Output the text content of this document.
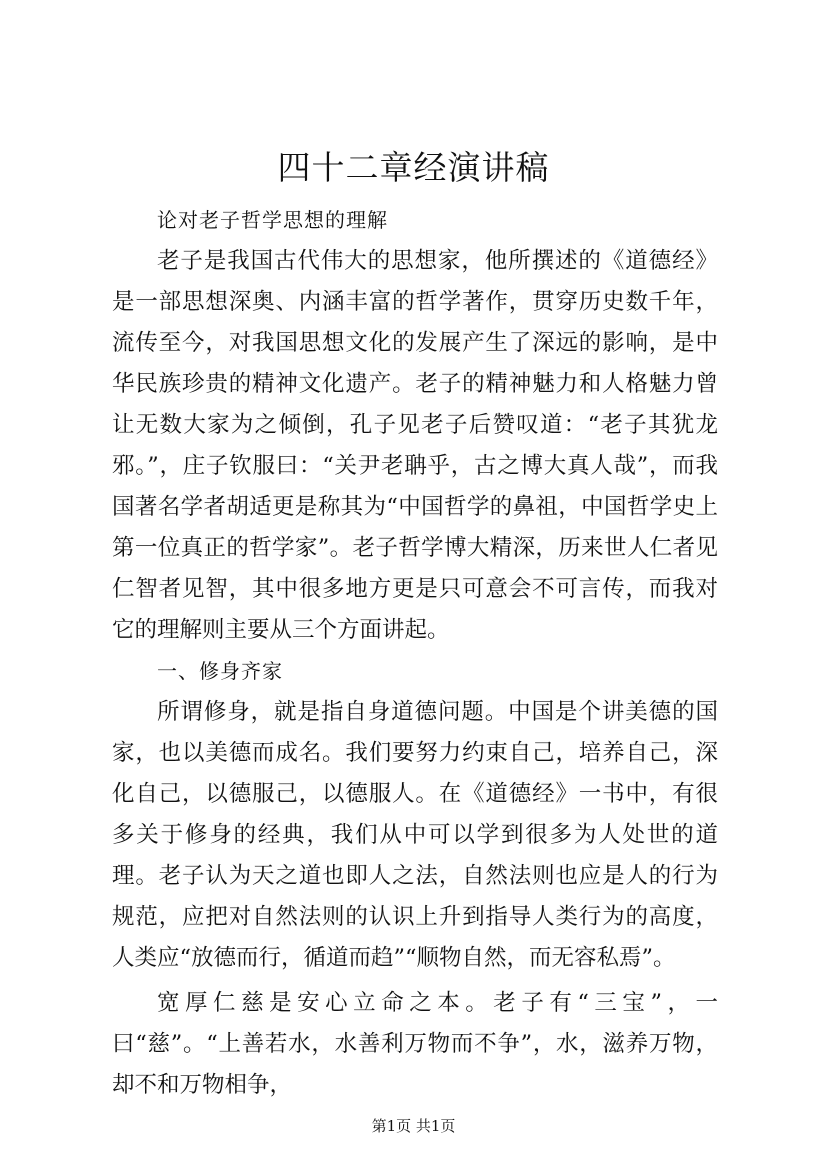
四十二章经演讲稿

论对老子哲学思想的理解

老子是我国古代伟大的思想家，他所撰述的《道德经》是一部思想深奥、内涵丰富的哲学著作，贯穿历史数千年，流传至今，对我国思想文化的发展产生了深远的影响，是中华民族珍贵的精神文化遗产。老子的精神魅力和人格魅力曾让无数大家为之倾倒，孔子见老子后赞叹道：“老子其犹龙邪。”，庄子钦服曰：“关尹老聃乎，古之博大真人哉”，而我国著名学者胡适更是称其为“中国哲学的鼻祖，中国哲学史上第一位真正的哲学家”。老子哲学博大精深，历来世人仁者见仁智者见智，其中很多地方更是只可意会不可言传，而我对它的理解则主要从三个方面讲起。

一、修身齐家

所谓修身，就是指自身道德问题。中国是个讲美德的国家，也以美德而成名。我们要努力约束自己，培养自己，深化自己，以德服己，以德服人。在《道德经》一书中，有很多关于修身的经典，我们从中可以学到很多为人处世的道理。老子认为天之道也即人之法，自然法则也应是人的行为规范，应把对自然法则的认识上升到指导人类行为的高度，人类应“放德而行，循道而趋”“顺物自然，而无容私焉”。

宽厚仁慈是安心立命之本。老子有“三宝”，一曰“慈”。“上善若水，水善利万物而不争”，水，滋养万物，却不和万物相争，

第1页 共1页
